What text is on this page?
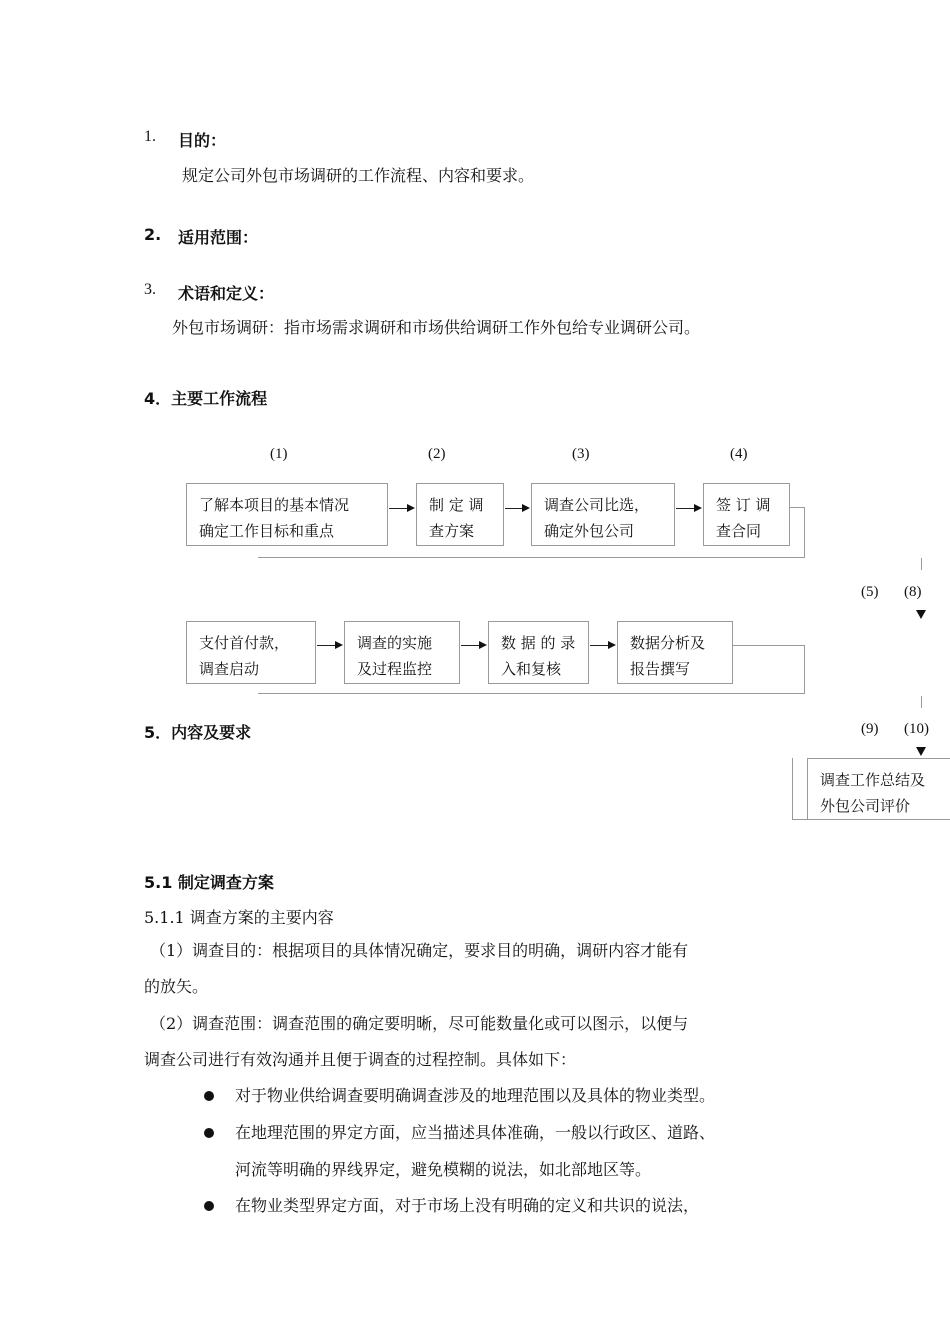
1. 目的：
规定公司外包市场调研的工作流程、内容和要求。
2. 适用范围：
3. 术语和定义：
外包市场调研：指市场需求调研和市场供给调研工作外包给专业调研公司。
4．主要工作流程
(1)	(2)	(3)	(4)
了解本项目的基本情况
确定工作目标和重点
制 定 调
查方案
调查公司比选，
确定外包公司
签 订 调
查合同
(5) (8)
支付首付款，
调查启动
调查的实施
及过程监控
数 据 的 录
入和复核
数据分析及
报告撰写
(9) (10)
调查工作总结及
外包公司评价
5．内容及要求
5.1 制定调查方案
5.1.1 调查方案的主要内容
（1）调查目的：根据项目的具体情况确定，要求目的明确，调研内容才能有
的放矢。
（2）调查范围：调查范围的确定要明晰，尽可能数量化或可以图示，以便与
调查公司进行有效沟通并且便于调查的过程控制。具体如下：
对于物业供给调查要明确调查涉及的地理范围以及具体的物业类型。
在地理范围的界定方面，应当描述具体准确，一般以行政区、道路、
河流等明确的界线界定，避免模糊的说法，如北部地区等。
在物业类型界定方面，对于市场上没有明确的定义和共识的说法，
